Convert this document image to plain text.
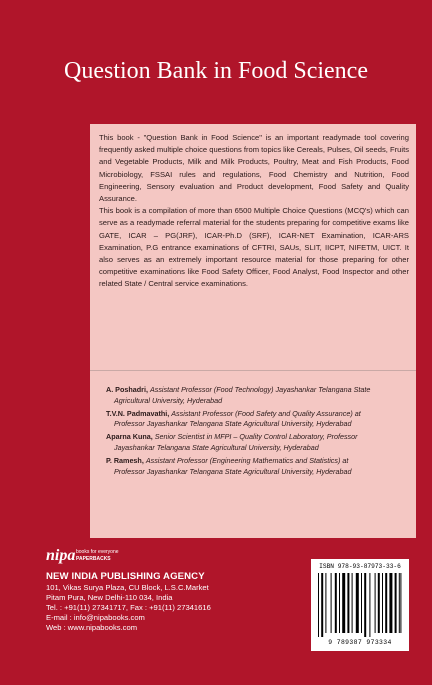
Question Bank in Food Science

This book - "Question Bank in Food Science" is an important readymade tool covering frequently asked multiple choice questions from topics like Cereals, Pulses, Oil seeds, Fruits and Vegetable Products, Milk and Milk Products, Poultry, Meat and Fish Products, Food Microbiology, FSSAI rules and regulations, Food Chemistry and Nutrition, Food Engineering, Sensory evaluation and Product development, Food Safety and Quality Assurance.

This book is a compilation of more than 6500 Multiple Choice Questions (MCQ's) which can serve as a readymade referral material for the students preparing for competitive exams like GATE, ICAR – PG(JRF), ICAR-Ph.D (SRF), ICAR-NET Examination, ICAR-ARS Examination, P.G entrance examinations of CFTRI, SAUs, SLIT, IICPT, NIFETM, UICT. It also serves as an extremely important resource material for those preparing for other competitive examinations like Food Safety Officer, Food Analyst, Food Inspector and other related State / Central service examinations.

A. Poshadri, Assistant Professor (Food Technology) Jayashankar Telangana State
Agricultural University, Hyderabad
T.V.N. Padmavathi, Assistant Professor (Food Safety and Quality Assurance) at
Professor Jayashankar Telangana State Agricultural University, Hyderabad
Aparna Kuna, Senior Scientist in MFPI – Quality Control Laboratory, Professor
Jayashankar Telangana State Agricultural University, Hyderabad
P. Ramesh, Assistant Professor (Engineering Mathematics and Statistics) at
Professor Jayashankar Telangana State Agricultural University, Hyderabad
nipa books for everyone
PAPERBACKS
NEW INDIA PUBLISHING AGENCY
101, Vikas Surya Plaza, CU Block, L.S.C.Market
Pitam Pura, New Delhi-110 034, India
Tel. : +91(11) 27341717, Fax : +91(11) 27341616
E-mail : info@nipabooks.com
Web : www.nipabooks.com
ISBN 978-93-87973-33-6
9 789387 973334
